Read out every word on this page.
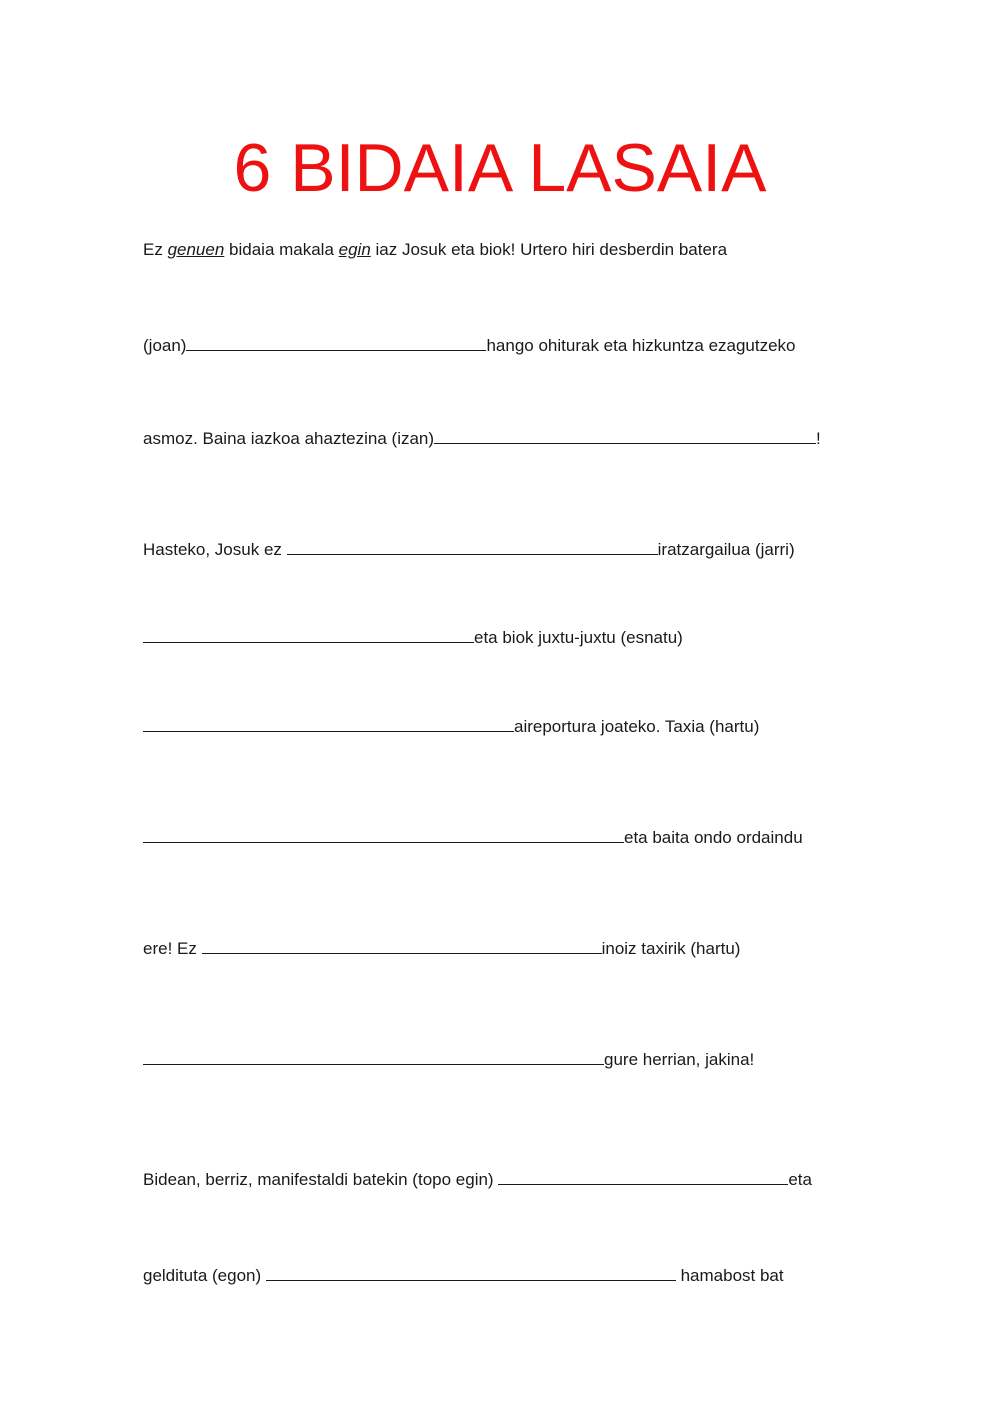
6 BIDAIA LASAIA

Ez genuen bidaia makala egin iaz Josuk eta biok! Urtero hiri desberdin batera

(joan)	hango ohiturak eta hizkuntza ezagutzeko

asmoz. Baina iazkoa ahaztezina (izan)	!

Hasteko, Josuk ez	iratzargailua (jarri)

eta biok juxtu-juxtu (esnatu)

aireportura joateko. Taxia (hartu)

eta baita ondo ordaindu

ere! Ez	inoiz taxirik (hartu)

gure herrian, jakina!

Bidean, berriz, manifestaldi batekin (topo egin)	eta

geldituta (egon)	hamabost bat
